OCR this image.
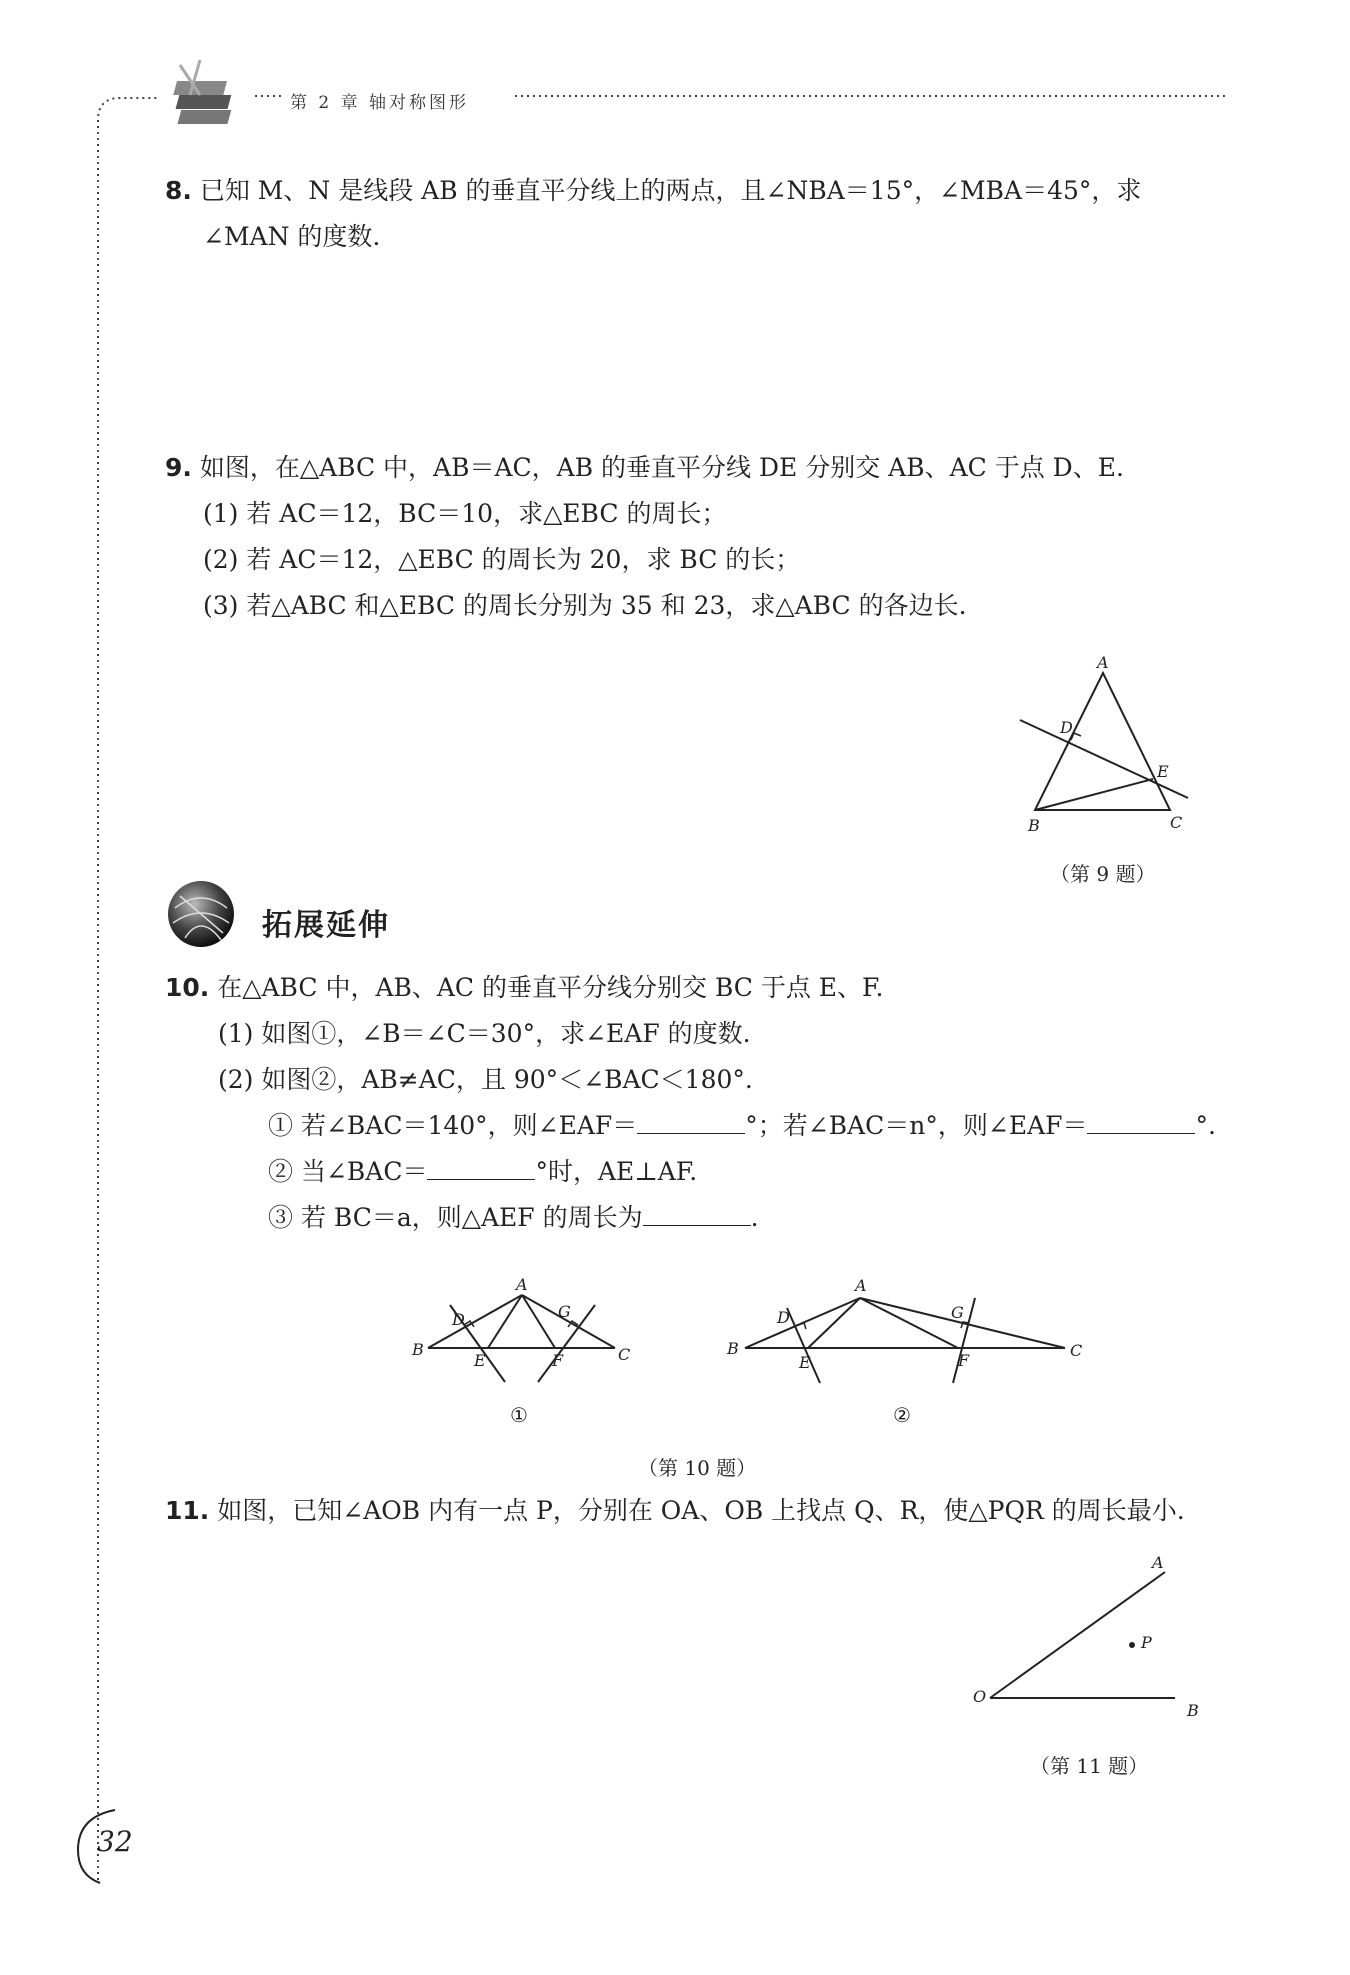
第 2 章 轴对称图形
8. 已知 M、N 是线段 AB 的垂直平分线上的两点，且∠NBA＝15°，∠MBA＝45°，求
∠MAN 的度数.
9. 如图，在△ABC 中，AB＝AC，AB 的垂直平分线 DE 分别交 AB、AC 于点 D、E.
(1) 若 AC＝12，BC＝10，求△EBC 的周长；
(2) 若 AC＝12，△EBC 的周长为 20，求 BC 的长；
(3) 若△ABC 和△EBC 的周长分别为 35 和 23，求△ABC 的各边长.
A
D
E
B	C
（第 9 题）
拓展延伸
10. 在△ABC 中，AB、AC 的垂直平分线分别交 BC 于点 E、F.
(1) 如图①，∠B＝∠C＝30°，求∠EAF 的度数.
(2) 如图②，AB≠AC，且 90°＜∠BAC＜180°.
① 若∠BAC＝140°，则∠EAF＝	°；若∠BAC＝n°，则∠EAF＝	°.
② 当∠BAC＝	°时，AE⊥AF.
③ 若 BC＝a，则△AEF 的周长为	.
A
D	G
B	C
E	F
①
A
D	G
B	C
E	F
②
（第 10 题）
11. 如图，已知∠AOB 内有一点 P，分别在 OA、OB 上找点 Q、R，使△PQR 的周长最小.
A
P
O
B
（第 11 题）
32
